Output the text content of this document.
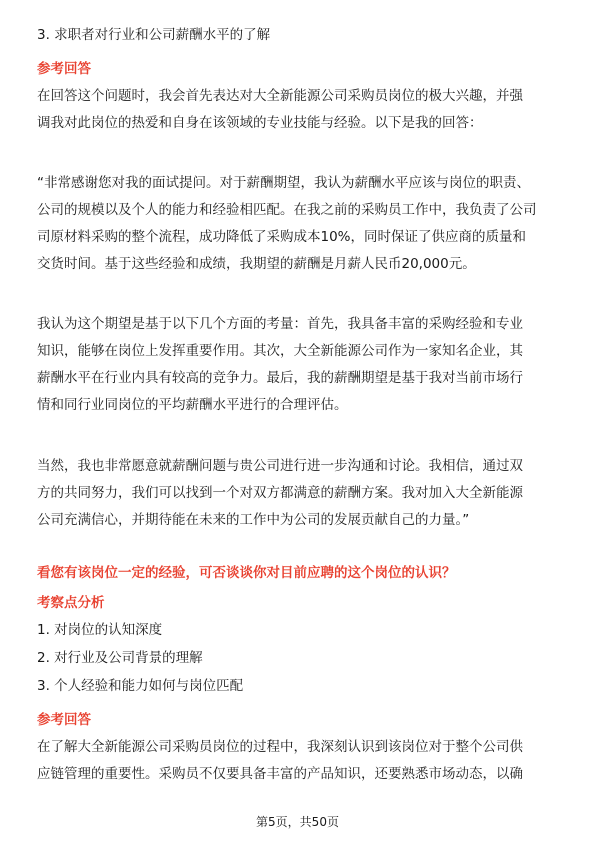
3. 求职者对行业和公司薪酬水平的了解
参考回答
在回答这个问题时，我会首先表达对大全新能源公司采购员岗位的极大兴趣，并强
调我对此岗位的热爱和自身在该领域的专业技能与经验。以下是我的回答：
“非常感谢您对我的面试提问。对于薪酬期望，我认为薪酬水平应该与岗位的职责、
公司的规模以及个人的能力和经验相匹配。在我之前的采购员工作中，我负责了公司
司原材料采购的整个流程，成功降低了采购成本10%，同时保证了供应商的质量和
交货时间。基于这些经验和成绩，我期望的薪酬是月薪人民币20,000元。
我认为这个期望是基于以下几个方面的考量：首先，我具备丰富的采购经验和专业
知识，能够在岗位上发挥重要作用。其次，大全新能源公司作为一家知名企业，其
薪酬水平在行业内具有较高的竞争力。最后，我的薪酬期望是基于我对当前市场行
情和同行业同岗位的平均薪酬水平进行的合理评估。
当然，我也非常愿意就薪酬问题与贵公司进行进一步沟通和讨论。我相信，通过双
方的共同努力，我们可以找到一个对双方都满意的薪酬方案。我对加入大全新能源
公司充满信心，并期待能在未来的工作中为公司的发展贡献自己的力量。”
看您有该岗位一定的经验，可否谈谈你对目前应聘的这个岗位的认识？
考察点分析
1. 对岗位的认知深度
2. 对行业及公司背景的理解
3. 个人经验和能力如何与岗位匹配
参考回答
在了解大全新能源公司采购员岗位的过程中，我深刻认识到该岗位对于整个公司供
应链管理的重要性。采购员不仅要具备丰富的产品知识，还要熟悉市场动态，以确
第5页，共50页
